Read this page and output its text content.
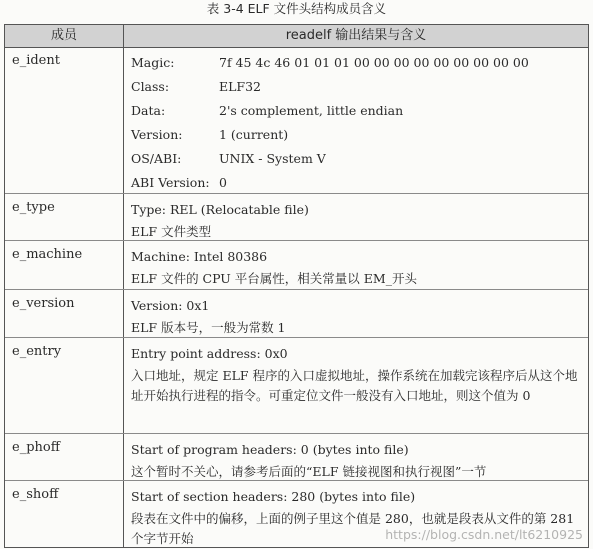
表 3-4 ELF 文件头结构成员含义
成员	readelf 输出结果与含义
e_ident	Magic:	7f 45 4c 46 01 01 01 00 00 00 00 00 00 00 00 00
Class:	ELF32
Data:	2's complement, little endian
Version:	1 (current)
OS/ABI:	UNIX - System V
ABI Version: 0
e_type	Type: REL (Relocatable file)
ELF 文件类型
e_machine	Machine: Intel 80386
ELF 文件的 CPU 平台属性，相关常量以 EM_开头
e_version	Version: 0x1
ELF 版本号，一般为常数 1
e_entry	Entry point address: 0x0
入口地址，规定 ELF 程序的入口虚拟地址，操作系统在加载完该程序后从这个地址开始执行进程的指令。可重定位文件一般没有入口地址，则这个值为 0
e_phoff	Start of program headers: 0 (bytes into file)
这个暂时不关心，请参考后面的“ELF 链接视图和执行视图”一节
e_shoff	Start of section headers: 280 (bytes into file)
段表在文件中的偏移，上面的例子里这个值是 280，也就是段表从文件的第 281 个字节开始	https://blog.csdn.net/lt6210925
